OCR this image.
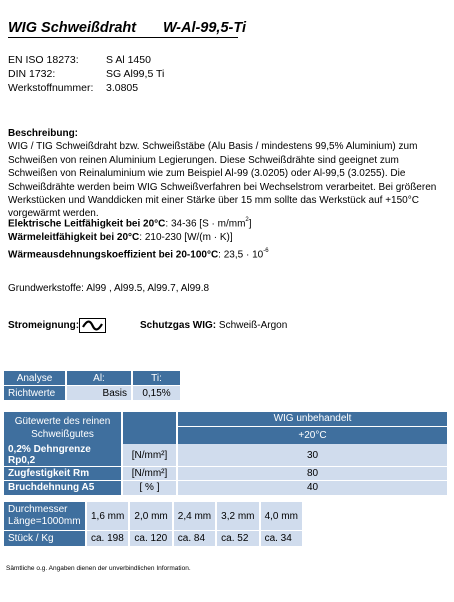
WIG Schweißdraht W-Al-99,5-Ti
EN ISO 18273:	S Al 1450
DIN 1732:	SG Al99,5 Ti
Werkstoffnummer: 3.0805
Beschreibung:
WIG / TIG Schweißdraht bzw. Schweißstäbe (Alu Basis / mindestens 99,5% Aluminium) zum Schweißen von reinen Aluminium Legierungen. Diese Schweißdrähte sind geeignet zum Schweißen von Reinaluminium wie zum Beispiel Al-99 (3.0205) oder Al-99,5 (3.0255). Die Schweißdrähte werden beim WIG Schweißverfahren bei Wechselstrom verarbeitet. Bei größeren Werkstücken und Wanddicken mit einer Stärke über 15 mm sollte das Werkstück auf +150°C vorgewärmt werden.
Elektrische Leitfähigkeit bei 20°C: 34-36 $[S \cdot m/mm^2]$
Wärmeleitfähigkeit bei 20°C: 210-230 [W/(m · K)]
Wärmeausdehnungskoeffizient bei 20-100°C: $23,5 \cdot 10^{-6}$
Grundwerkstoffe: Al99 , Al99.5, Al99.7, Al99.8
Stromeignung:	Schutzgas WIG: Schweiß-Argon
Analyse	Al:	Ti:
Richtwerte	Basis	0,15%
Gütewerte des reinen Schweißgutes		WIG unbehandelt
		+20°C
0,2% Dehngrenze Rp0,2	[N/mm²]	30
Zugfestigkeit Rm	[N/mm²]	80
Bruchdehnung A5	[ % ]	40
Durchmesser
Länge=1000mm	1,6 mm	2,0 mm	2,4 mm	3,2 mm	4,0 mm
Stück / Kg	ca. 198	ca. 120	ca. 84	ca. 52	ca. 34
Sämtliche o.g. Angaben dienen der unverbindlichen Information.
